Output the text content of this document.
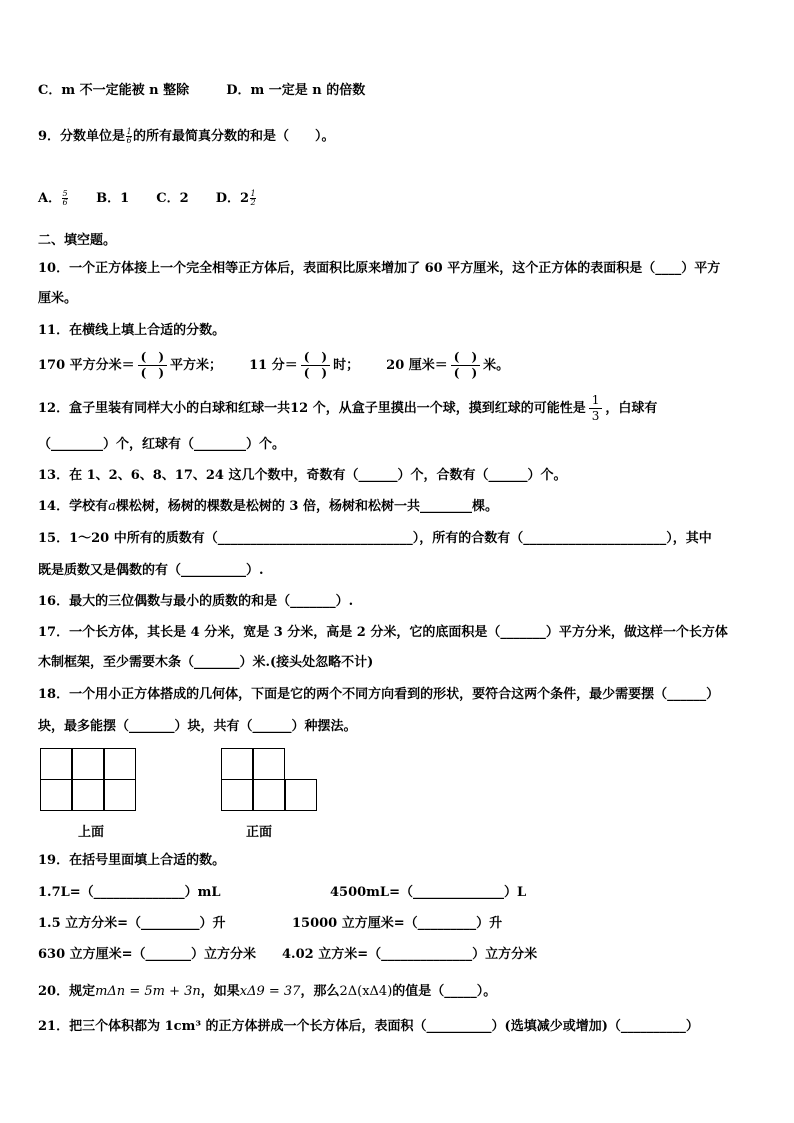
C．m 不一定能被 n 整除	D．m 一定是 n 的倍数
9．分数单位是 $\frac{1}{6}$ 的所有最简真分数的和是（　　）。
A． $\frac{5}{6}$ B．1 C．2 D．$2 \frac{1}{2}$
二、填空题。
10．一个正方体接上一个完全相等正方体后，表面积比原来增加了 60 平方厘米，这个正方体的表面积是（____）平方
厘米。
11．在横线上填上合适的分数。
170 平方分米＝ $\frac{( )}{( )}$ 平方米； 11 分＝ $\frac{( )}{( )}$ 时； 20 厘米＝ $\frac{( )}{( )}$ 米。
12．盒子里装有同样大小的白球和红球一共12 个，从盒子里摸出一个球，摸到红球的可能性是 $\frac{1}{3}$ ，白球有
（________）个，红球有（________）个。
13．在 1、2、6、8、17、24 这几个数中，奇数有（______）个，合数有（______）个。
14．学校有a棵松树，杨树的棵数是松树的 3 倍，杨树和松树一共________棵。
15．1～20 中所有的质数有（______________________________），所有的合数有（______________________），其中
既是质数又是偶数的有（__________）.
16．最大的三位偶数与最小的质数的和是（_______）.
17．一个长方体，其长是 4 分米，宽是 3 分米，高是 2 分米，它的底面积是（_______）平方分米，做这样一个长方体
木制框架，至少需要木条（_______）米.(接头处忽略不计)
18．一个用小正方体搭成的几何体，下面是它的两个不同方向看到的形状，要符合这两个条件，最少需要摆（______）
块，最多能摆（_______）块，共有（______）种摆法。
上面	正面
19．在括号里面填上合适的数。
1.7L=（______________）mL	4500mL=（______________）L
1.5 立方分米=（_________）升	15000 立方厘米=（_________）升
630 立方厘米=（_______）立方分米 4.02 立方米=（______________）立方分米
20．规定mΔn = 5m + 3n，如果xΔ9 = 37，那么2Δ(xΔ4)的值是（_____）。
21．把三个体积都为 1cm³ 的正方体拼成一个长方体后，表面积（__________）(选填减少或增加)（__________）
